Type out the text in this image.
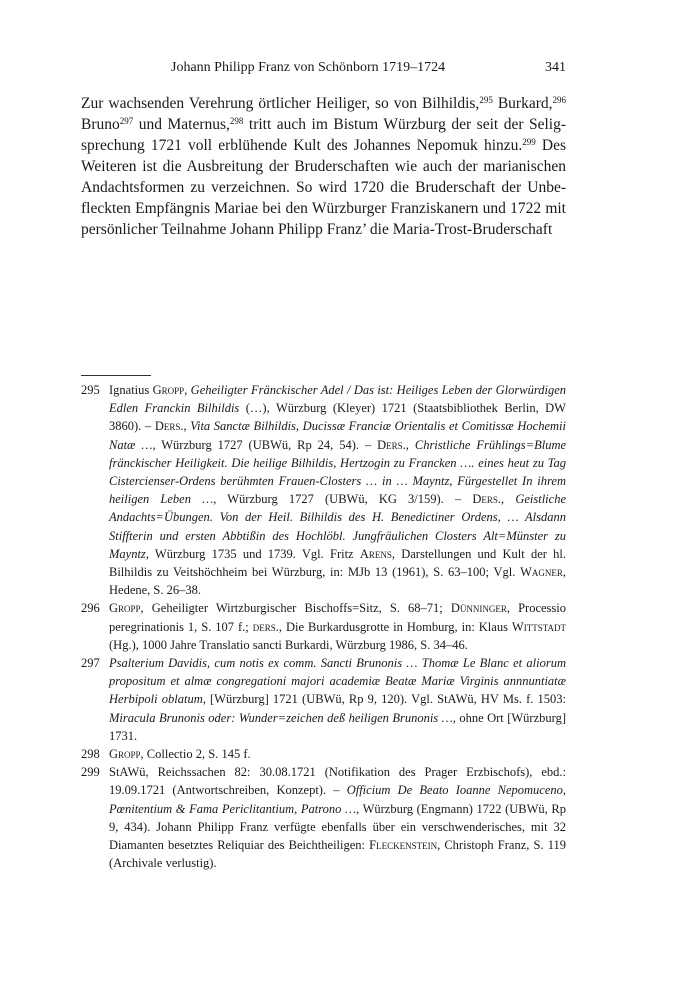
Johann Philipp Franz von Schönborn 1719–1724	341

Zur wachsenden Verehrung örtlicher Heiliger, so von Bilhildis,$^{295}$ Burkard,$^{296}$ Bruno$^{297}$ und Maternus,$^{298}$ tritt auch im Bistum Würzburg der seit der Seligsprechung 1721 voll erblühende Kult des Johannes Nepomuk hinzu.$^{299}$ Des Weiteren ist die Ausbreitung der Bruderschaften wie auch der marianischen Andachtsformen zu verzeichnen. So wird 1720 die Bruderschaft der Unbefleckten Empfängnis Mariae bei den Würzburger Franziskanern und 1722 mit persönlicher Teilnahme Johann Philipp Franz’ die Maria-Trost-Bruderschaft

295 Ignatius Gropp, Geheiligter Fränckischer Adel / Das ist: Heiliges Leben der Glorwürdigen Edlen Franckin Bilhildis (…), Würzburg (Kleyer) 1721 (Staatsbibliothek Berlin, DW 3860). – Ders., Vita Sanctæ Bilhildis, Ducissæ Franciæ Orientalis et Comitissæ Hochemii Natæ …, Würzburg 1727 (UBWü, Rp 24, 54). – Ders., Christliche Frühlings=Blume fränckischer Heiligkeit. Die heilige Bilhildis, Hertzogin zu Francken …. eines heut zu Tag Cistercienser-Ordens berühmten Frauen-Closters … in … Mayntz, Fürgestellet In ihrem heiligen Leben …, Würzburg 1727 (UBWü, KG 3/159). – Ders., Geistliche Andachts=Übungen. Von der Heil. Bilhildis des H. Benedictiner Ordens, … Alsdann Stiffterin und ersten Abbtißin des Hochlöbl. Jungfräulichen Closters Alt=Münster zu Mayntz, Würzburg 1735 und 1739. Vgl. Fritz Arens, Darstellungen und Kult der hl. Bilhildis zu Veitshöchheim bei Würzburg, in: MJb 13 (1961), S. 63–100; Vgl. Wagner, Hedene, S. 26–38.
296 Gropp, Geheiligter Wirtzburgischer Bischoffs=Sitz, S. 68–71; Dünninger, Processio peregrinationis 1, S. 107 f.; ders., Die Burkardusgrotte in Homburg, in: Klaus Wittstadt (Hg.), 1000 Jahre Translatio sancti Burkardi, Würzburg 1986, S. 34–46.
297 Psalterium Davidis, cum notis ex comm. Sancti Brunonis … Thomæ Le Blanc et aliorum propositum et almæ congregationi majori academiæ Beatæ Mariæ Virginis annnuntiatæ Herbipoli oblatum, [Würzburg] 1721 (UBWü, Rp 9, 120). Vgl. StAWü, HV Ms. f. 1503: Miracula Brunonis oder: Wunder=zeichen deß heiligen Brunonis …, ohne Ort [Würzburg] 1731.
298 Gropp, Collectio 2, S. 145 f.
299 StAWü, Reichssachen 82: 30.08.1721 (Notifikation des Prager Erzbischofs), ebd.: 19.09.1721 (Antwortschreiben, Konzept). – Officium De Beato Ioanne Nepomuceno, Pœnitentium & Fama Periclitantium, Patrono …, Würzburg (Engmann) 1722 (UBWü, Rp 9, 434). Johann Philipp Franz verfügte ebenfalls über ein verschwenderisches, mit 32 Diamanten besetztes Reliquiar des Beichtheiligen: Fleckenstein, Christoph Franz, S. 119 (Archivale verlustig).
